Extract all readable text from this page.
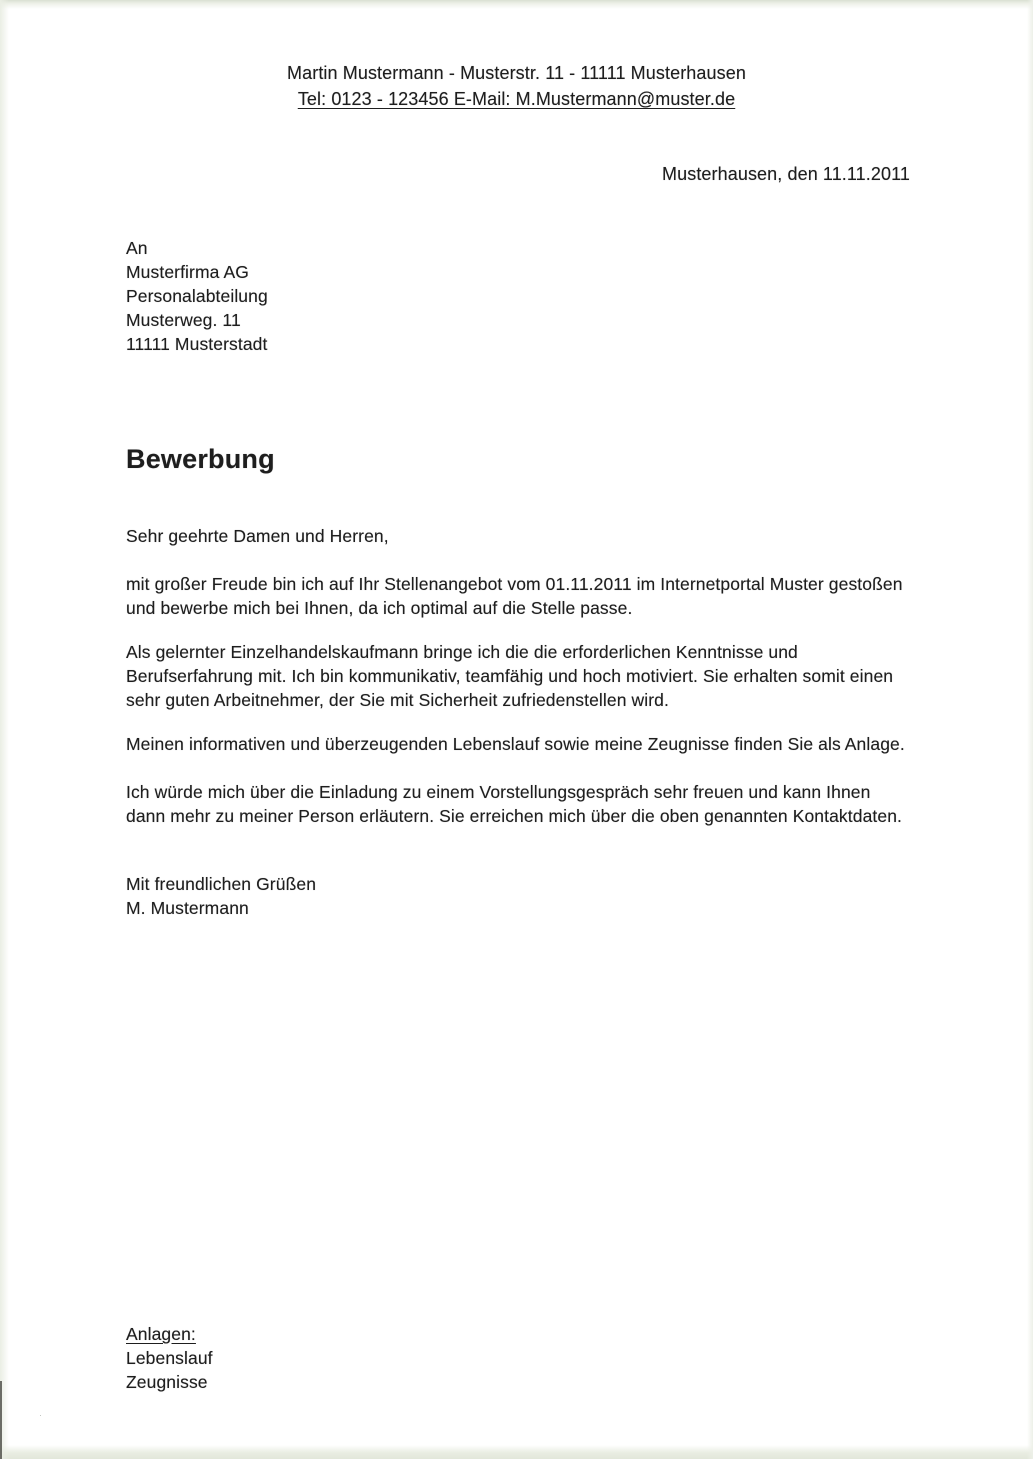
Martin Mustermann - Musterstr. 11 - 11111 Musterhausen
Tel: 0123 - 123456 E-Mail: M.Mustermann@muster.de
Musterhausen, den 11.11.2011
An
Musterfirma AG
Personalabteilung
Musterweg. 11
11111 Musterstadt
Bewerbung
Sehr geehrte Damen und Herren,

mit großer Freude bin ich auf Ihr Stellenangebot vom 01.11.2011 im Internetportal Muster gestoßen und bewerbe mich bei Ihnen, da ich optimal auf die Stelle passe.

Als gelernter Einzelhandelskaufmann bringe ich die die erforderlichen Kenntnisse und Berufserfahrung mit. Ich bin kommunikativ, teamfähig und hoch motiviert. Sie erhalten somit einen sehr guten Arbeitnehmer, der Sie mit Sicherheit zufriedenstellen wird.

Meinen informativen und überzeugenden Lebenslauf sowie meine Zeugnisse finden Sie als Anlage.

Ich würde mich über die Einladung zu einem Vorstellungsgespräch sehr freuen und kann Ihnen dann mehr zu meiner Person erläutern. Sie erreichen mich über die oben genannten Kontaktdaten.

Mit freundlichen Grüßen
M. Mustermann
Anlagen:
Lebenslauf
Zeugnisse
·
